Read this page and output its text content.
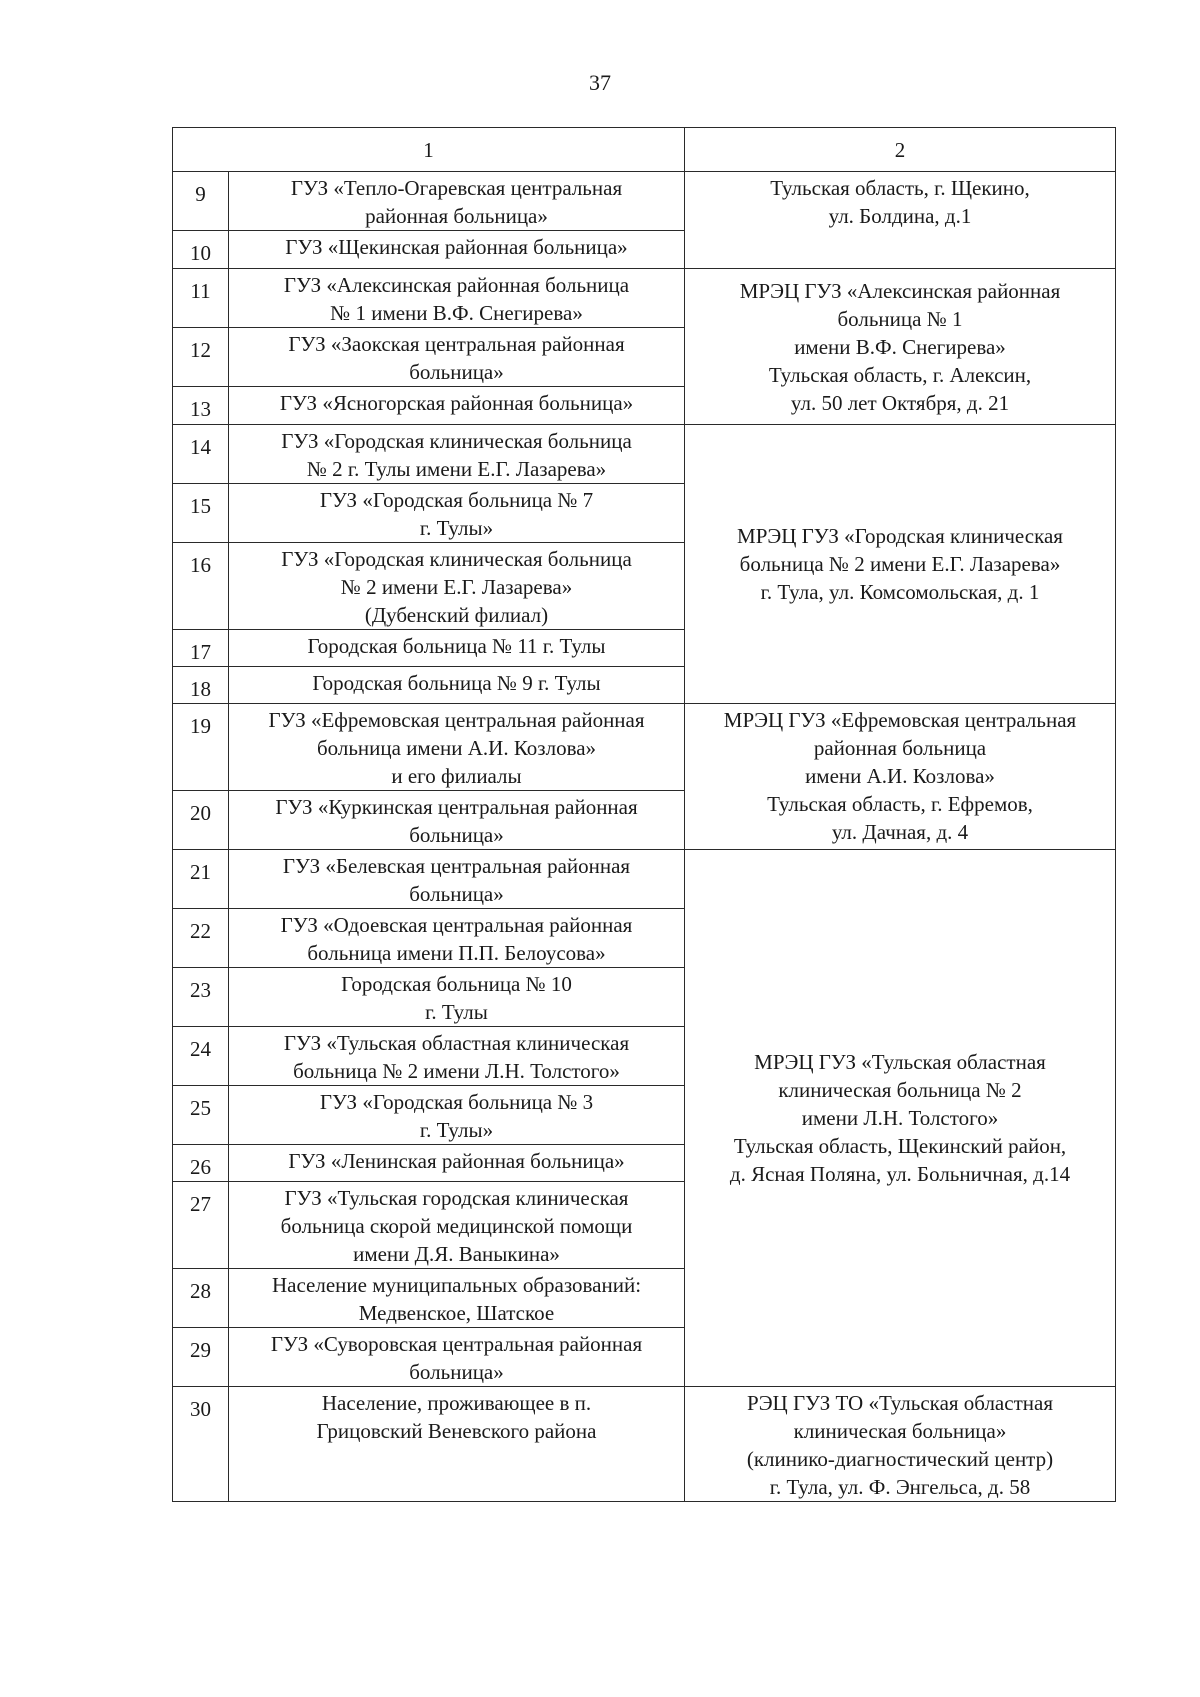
37
1		2
9	ГУЗ «Тепло-Огаревская центральная
районная больница»	Тульская область, г. Щекино,
ул. Болдина, д.1

10	ГУЗ «Щекинская районная больница»	

11	ГУЗ «Алексинская районная больница
№ 1 имени В.Ф. Снегирева»	МРЭЦ ГУЗ «Алексинская районная
больница № 1
имени В.Ф. Снегирева»
Тульская область, г. Алексин,
ул. 50 лет Октября, д. 21

12	ГУЗ «Заокская центральная районная
больница»	

13	ГУЗ «Ясногорская районная больница»	

14	ГУЗ «Городская клиническая больница
№ 2 г. Тулы имени Е.Г. Лазарева»	МРЭЦ ГУЗ «Городская клиническая
больница № 2 имени Е.Г. Лазарева»
г. Тула, ул. Комсомольская, д. 1

15	ГУЗ «Городская больница № 7
г. Тулы»	

16	ГУЗ «Городская клиническая больница
№ 2 имени Е.Г. Лазарева»
(Дубенский филиал)	

17	Городская больница № 11 г. Тулы	

18	Городская больница № 9 г. Тулы	

19	ГУЗ «Ефремовская центральная районная
больница имени А.И. Козлова»
и его филиалы	МРЭЦ ГУЗ «Ефремовская центральная
районная больница
имени А.И. Козлова»
Тульская область, г. Ефремов,
ул. Дачная, д. 4

20	ГУЗ «Куркинская центральная районная
больница»	

21	ГУЗ «Белевская центральная районная
больница»	МРЭЦ ГУЗ «Тульская областная
клиническая больница № 2
имени Л.Н. Толстого»
Тульская область, Щекинский район,
д. Ясная Поляна, ул. Больничная, д.14

22	ГУЗ «Одоевская центральная районная
больница имени П.П. Белоусова»	

23	Городская больница № 10
г. Тулы	

24	ГУЗ «Тульская областная клиническая
больница № 2 имени Л.Н. Толстого»	

25	ГУЗ «Городская больница № 3
г. Тулы»	

26	ГУЗ «Ленинская районная больница»	

27	ГУЗ «Тульская городская клиническая
больница скорой медицинской помощи
имени Д.Я. Ваныкина»	

28	Население муниципальных образований:
Медвенское, Шатское	

29	ГУЗ «Суворовская центральная районная
больница»	

30	Население, проживающее в п.
Грицовский Веневского района	РЭЦ ГУЗ ТО «Тульская областная
клиническая больница»
(клинико-диагностический центр)
г. Тула, ул. Ф. Энгельса, д. 58
